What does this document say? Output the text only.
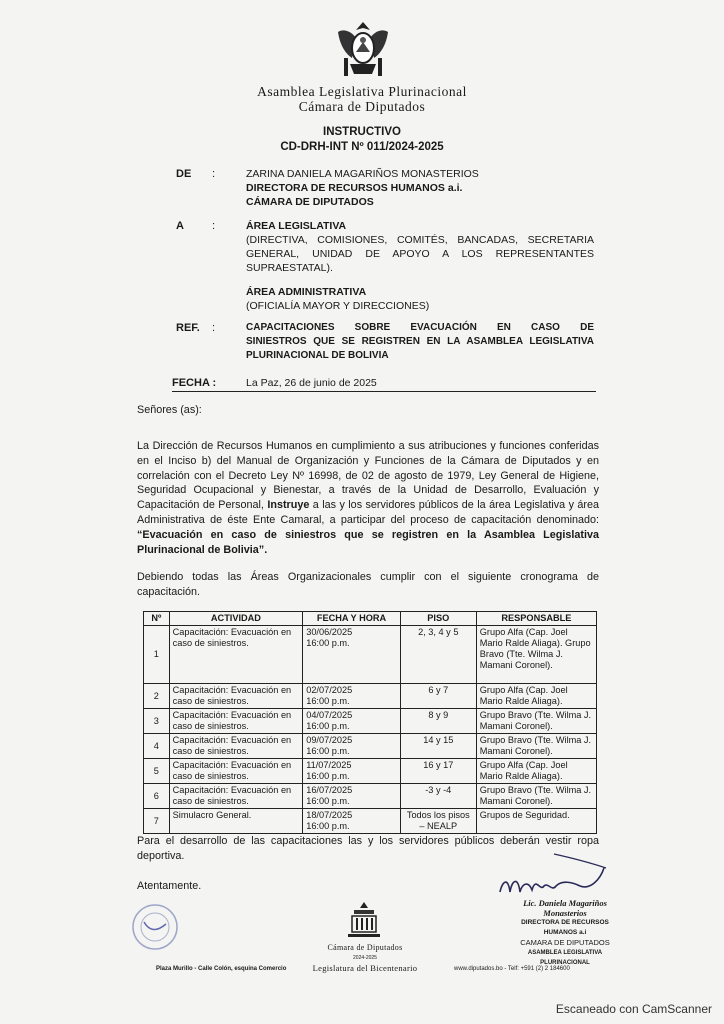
Asamblea Legislativa Plurinacional
Cámara de Diputados
INSTRUCTIVO
CD-DRH-INT Nº 011/2024-2025
DE :	ZARINA DANIELA MAGARIÑOS MONASTERIOS
DIRECTORA DE RECURSOS HUMANOS a.i.
CÁMARA DE DIPUTADOS
A	:	ÁREA LEGISLATIVA
(DIRECTIVA, COMISIONES, COMITÉS, BANCADAS, SECRETARIA
GENERAL, UNIDAD DE APOYO A LOS REPRESENTANTES
SUPRAESTATAL).
ÁREA ADMINISTRATIVA
(OFICIALÍA MAYOR Y DIRECCIONES)
REF. :	CAPACITACIONES SOBRE EVACUACIÓN EN CASO DE
SINIESTROS QUE SE REGISTREN EN LA ASAMBLEA LEGISLATIVA
PLURINACIONAL DE BOLIVIA
FECHA :	La Paz, 26 de junio de 2025
Señores (as):
La Dirección de Recursos Humanos en cumplimiento a sus atribuciones y funciones conferidas en el Inciso b) del Manual de Organización y Funciones de la Cámara de Diputados y en correlación con el Decreto Ley Nº 16998, de 02 de agosto de 1979, Ley General de Higiene, Seguridad Ocupacional y Bienestar, a través de la Unidad de Desarrollo, Evaluación y Capacitación de Personal, Instruye a las y los servidores públicos de la área Legislativa y área Administrativa de éste Ente Camaral, a participar del proceso de capacitación denominado: “Evacuación en caso de siniestros que se registren en la Asamblea Legislativa Plurinacional de Bolivia”.
Debiendo todas las Áreas Organizacionales cumplir con el siguiente cronograma de capacitación.
Nº	ACTIVIDAD	FECHA Y HORA	PISO	RESPONSABLE
1	Capacitación: Evacuación en caso de siniestros.	30/06/2025
16:00 p.m.	2, 3, 4 y 5	Grupo Alfa (Cap. Joel Mario Ralde Aliaga). Grupo Bravo (Tte. Wilma J. Mamani Coronel).
2	Capacitación: Evacuación en caso de siniestros.	02/07/2025
16:00 p.m.	6 y 7	Grupo Alfa (Cap. Joel Mario Ralde Aliaga).
3	Capacitación: Evacuación en caso de siniestros.	04/07/2025
16:00 p.m.	8 y 9	Grupo Bravo (Tte. Wilma J. Mamani Coronel).
4	Capacitación: Evacuación en caso de siniestros.	09/07/2025
16:00 p.m.	14 y 15	Grupo Bravo (Tte. Wilma J. Mamani Coronel).
5	Capacitación: Evacuación en caso de siniestros.	11/07/2025
16:00 p.m.	16 y 17	Grupo Alfa (Cap. Joel Mario Ralde Aliaga).
6	Capacitación: Evacuación en caso de siniestros.	16/07/2025
16:00 p.m.	-3 y -4	Grupo Bravo (Tte. Wilma J. Mamani Coronel).
7	Simulacro General.	18/07/2025
16:00 p.m.	Todos los pisos – NEALP	Grupos de Seguridad.
Para el desarrollo de las capacitaciones las y los servidores públicos deberán vestir ropa deportiva.
Atentamente.
Lic. Daniela Magariños Monasterios
DIRECTORA DE RECURSOS HUMANOS a.i
CAMARA DE DIPUTADOS
ASAMBLEA LEGISLATIVA PLURINACIONAL
Plaza Murillo - Calle Colón, esquina Comercio
Cámara de Diputados
2024-2025
Legislatura del Bicentenario	www.diputados.bo - Telf: +591 (2) 2 184600
Escaneado con CamScanner
